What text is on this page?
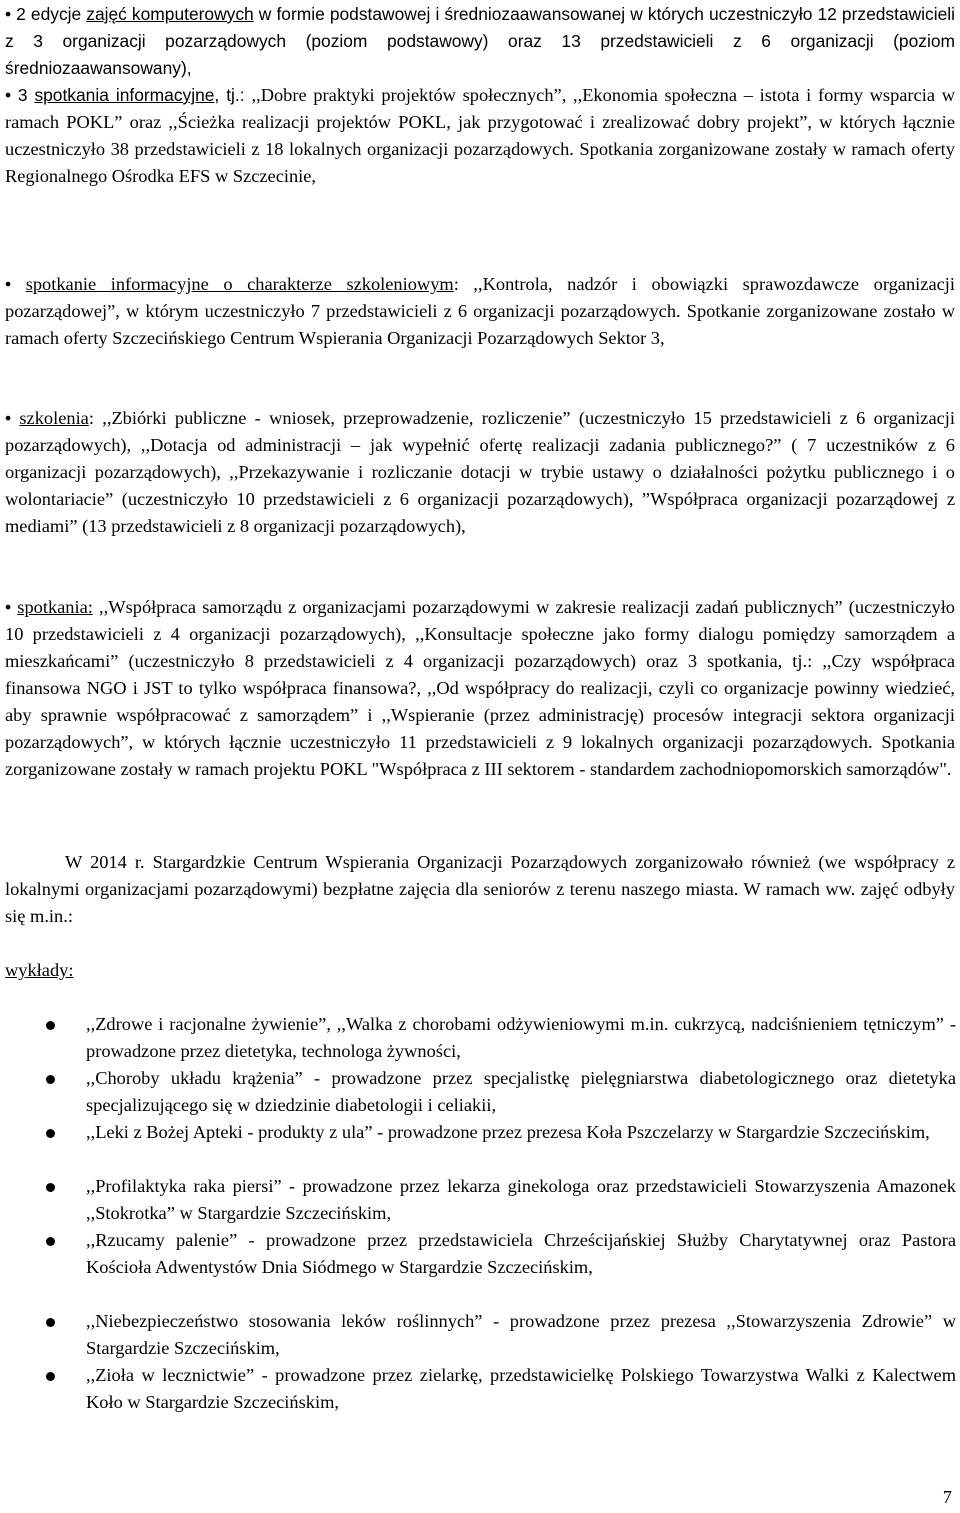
• 2 edycje zajęć komputerowych w formie podstawowej i średniozaawansowanej w których uczestniczyło 12 przedstawicieli z 3 organizacji pozarządowych (poziom podstawowy) oraz 13 przedstawicieli z 6 organizacji (poziom średniozaawansowany),

• 3 spotkania informacyjne, tj.: ,,Dobre praktyki projektów społecznych”, ,,Ekonomia społeczna – istota i formy wsparcia w ramach POKL” oraz ,,Ścieżka realizacji projektów POKL, jak przygotować i zrealizować dobry projekt”, w których łącznie uczestniczyło 38 przedstawicieli z 18 lokalnych organizacji pozarządowych. Spotkania zorganizowane zostały w ramach oferty Regionalnego Ośrodka EFS w Szczecinie,

• spotkanie informacyjne o charakterze szkoleniowym: ,,Kontrola, nadzór i obowiązki sprawozdawcze organizacji pozarządowej”, w którym uczestniczyło 7 przedstawicieli z 6 organizacji pozarządowych. Spotkanie zorganizowane zostało w ramach oferty Szczecińskiego Centrum Wspierania Organizacji Pozarządowych Sektor 3,

• szkolenia: ,,Zbiórki publiczne - wniosek, przeprowadzenie, rozliczenie” (uczestniczyło 15 przedstawicieli z 6 organizacji pozarządowych), ,,Dotacja od administracji – jak wypełnić ofertę realizacji zadania publicznego?” ( 7 uczestników z 6 organizacji pozarządowych), ,,Przekazywanie i rozliczanie dotacji w trybie ustawy o działalności pożytku publicznego i o wolontariacie” (uczestniczyło 10 przedstawicieli z 6 organizacji pozarządowych), ”Współpraca organizacji pozarządowej z mediami” (13 przedstawicieli z 8 organizacji pozarządowych),

• spotkania: ,,Współpraca samorządu z organizacjami pozarządowymi w zakresie realizacji zadań publicznych” (uczestniczyło 10 przedstawicieli z 4 organizacji pozarządowych), ,,Konsultacje społeczne jako formy dialogu pomiędzy samorządem a mieszkańcami” (uczestniczyło 8 przedstawicieli z 4 organizacji pozarządowych) oraz 3 spotkania, tj.: ,,Czy współpraca finansowa NGO i JST to tylko współpraca finansowa?, ,,Od współpracy do realizacji, czyli co organizacje powinny wiedzieć, aby sprawnie współpracować z samorządem” i ,,Wspieranie (przez administrację) procesów integracji sektora organizacji pozarządowych”, w których łącznie uczestniczyło 11 przedstawicieli z 9 lokalnych organizacji pozarządowych. Spotkania zorganizowane zostały w ramach projektu POKL "Współpraca z III sektorem - standardem zachodniopomorskich samorządów".

W 2014 r. Stargardzkie Centrum Wspierania Organizacji Pozarządowych zorganizowało również (we współpracy z lokalnymi organizacjami pozarządowymi) bezpłatne zajęcia dla seniorów z terenu naszego miasta. W ramach ww. zajęć odbyły się m.in.:

wykłady:

,,Zdrowe i racjonalne żywienie”, ,,Walka z chorobami odżywieniowymi m.in. cukrzycą, nadciśnieniem tętniczym” - prowadzone przez dietetyka, technologa żywności,

,,Choroby układu krążenia” - prowadzone przez specjalistkę pielęgniarstwa diabetologicznego oraz dietetyka specjalizującego się w dziedzinie diabetologii i celiakii,

,,Leki z Bożej Apteki - produkty z ula” - prowadzone przez prezesa Koła Pszczelarzy w Stargardzie Szczecińskim,

,,Profilaktyka raka piersi” - prowadzone przez lekarza ginekologa oraz przedstawicieli Stowarzyszenia Amazonek ,,Stokrotka” w Stargardzie Szczecińskim,

,,Rzucamy palenie” - prowadzone przez przedstawiciela Chrześcijańskiej Służby Charytatywnej oraz Pastora Kościoła Adwentystów Dnia Siódmego w Stargardzie Szczecińskim,

,,Niebezpieczeństwo stosowania leków roślinnych” - prowadzone przez prezesa ,,Stowarzyszenia Zdrowie” w Stargardzie Szczecińskim,

,,Zioła w lecznictwie” - prowadzone przez zielarkę, przedstawicielkę Polskiego Towarzystwa Walki z Kalectwem Koło w Stargardzie Szczecińskim,

7
